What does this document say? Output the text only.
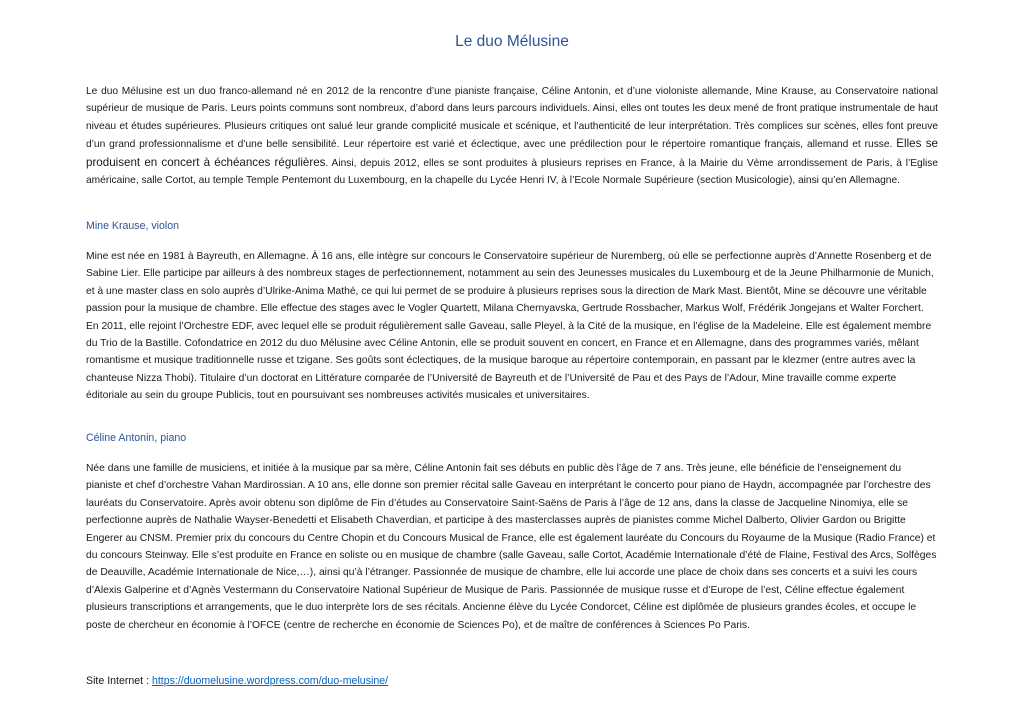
Le duo Mélusine

Le duo Mélusine est un duo franco-allemand né en 2012 de la rencontre d’une pianiste française, Céline Antonin, et d’une violoniste allemande, Mine Krause, au Conservatoire national supérieur de musique de Paris. Leurs points communs sont nombreux, d’abord dans leurs parcours individuels. Ainsi, elles ont toutes les deux mené de front pratique instrumentale de haut niveau et études supérieures. Plusieurs critiques ont salué leur grande complicité musicale et scénique, et l’authenticité de leur interprétation. Très complices sur scènes, elles font preuve d’un grand professionnalisme et d’une belle sensibilité. Leur répertoire est varié et éclectique, avec une prédilection pour le répertoire romantique français, allemand et russe. Elles se produisent en concert à échéances régulières. Ainsi, depuis 2012, elles se sont produites à plusieurs reprises en France, à la Mairie du Vème arrondissement de Paris, à l’Eglise américaine, salle Cortot, au temple Temple Pentemont du Luxembourg, en la chapelle du Lycée Henri IV, à l’Ecole Normale Supérieure (section Musicologie), ainsi qu’en Allemagne.

Mine Krause, violon

Mine est née en 1981 à Bayreuth, en Allemagne. À 16 ans, elle intègre sur concours le Conservatoire supérieur de Nuremberg, où elle se perfectionne auprès d’Annette Rosenberg et de Sabine Lier. Elle participe par ailleurs à des nombreux stages de perfectionnement, notamment au sein des Jeunesses musicales du Luxembourg et de la Jeune Philharmonie de Munich, et à une master class en solo auprès d’Ulrike-Anima Mathé, ce qui lui permet de se produire à plusieurs reprises sous la direction de Mark Mast. Bientôt, Mine se découvre une véritable passion pour la musique de chambre. Elle effectue des stages avec le Vogler Quartett, Milana Chernyavska, Gertrude Rossbacher, Markus Wolf, Frédérik Jongejans et Walter Forchert. En 2011, elle rejoint l’Orchestre EDF, avec lequel elle se produit régulièrement salle Gaveau, salle Pleyel, à la Cité de la musique, en l’église de la Madeleine. Elle est également membre du Trio de la Bastille. Cofondatrice en 2012 du duo Mélusine avec Céline Antonin, elle se produit souvent en concert, en France et en Allemagne, dans des programmes variés, mêlant romantisme et musique traditionnelle russe et tzigane. Ses goûts sont éclectiques, de la musique baroque au répertoire contemporain, en passant par le klezmer (entre autres avec la chanteuse Nizza Thobi). Titulaire d’un doctorat en Littérature comparée de l’Université de Bayreuth et de l’Université de Pau et des Pays de l’Adour, Mine travaille comme experte éditoriale au sein du groupe Publicis, tout en poursuivant ses nombreuses activités musicales et universitaires.

Céline Antonin, piano

Née dans une famille de musiciens, et initiée à la musique par sa mère, Céline Antonin fait ses débuts en public dès l’âge de 7 ans. Très jeune, elle bénéficie de l’enseignement du pianiste et chef d’orchestre Vahan Mardirossian. A 10 ans, elle donne son premier récital salle Gaveau en interprétant le concerto pour piano de Haydn, accompagnée par l’orchestre des lauréats du Conservatoire. Après avoir obtenu son diplôme de Fin d’études au Conservatoire Saint-Saëns de Paris à l’âge de 12 ans, dans la classe de Jacqueline Ninomiya, elle se perfectionne auprès de Nathalie Wayser-Benedetti et Elisabeth Chaverdian, et participe à des masterclasses auprès de pianistes comme Michel Dalberto, Olivier Gardon ou Brigitte Engerer au CNSM. Premier prix du concours du Centre Chopin et du Concours Musical de France, elle est également lauréate du Concours du Royaume de la Musique (Radio France) et du concours Steinway. Elle s’est produite en France en soliste ou en musique de chambre (salle Gaveau, salle Cortot, Académie Internationale d’été de Flaine, Festival des Arcs, Solfèges de Deauville, Académie Internationale de Nice,…), ainsi qu’à l’étranger. Passionnée de musique de chambre, elle lui accorde une place de choix dans ses concerts et a suivi les cours d’Alexis Galperine et d’Agnès Vestermann du Conservatoire National Supérieur de Musique de Paris. Passionnée de musique russe et d’Europe de l’est, Céline effectue également plusieurs transcriptions et arrangements, que le duo interprète lors de ses récitals. Ancienne élève du Lycée Condorcet, Céline est diplômée de plusieurs grandes écoles, et occupe le poste de chercheur en économie à l’OFCE (centre de recherche en économie de Sciences Po), et de maître de conférences à Sciences Po Paris.

Site Internet : https://duomelusine.wordpress.com/duo-melusine/
